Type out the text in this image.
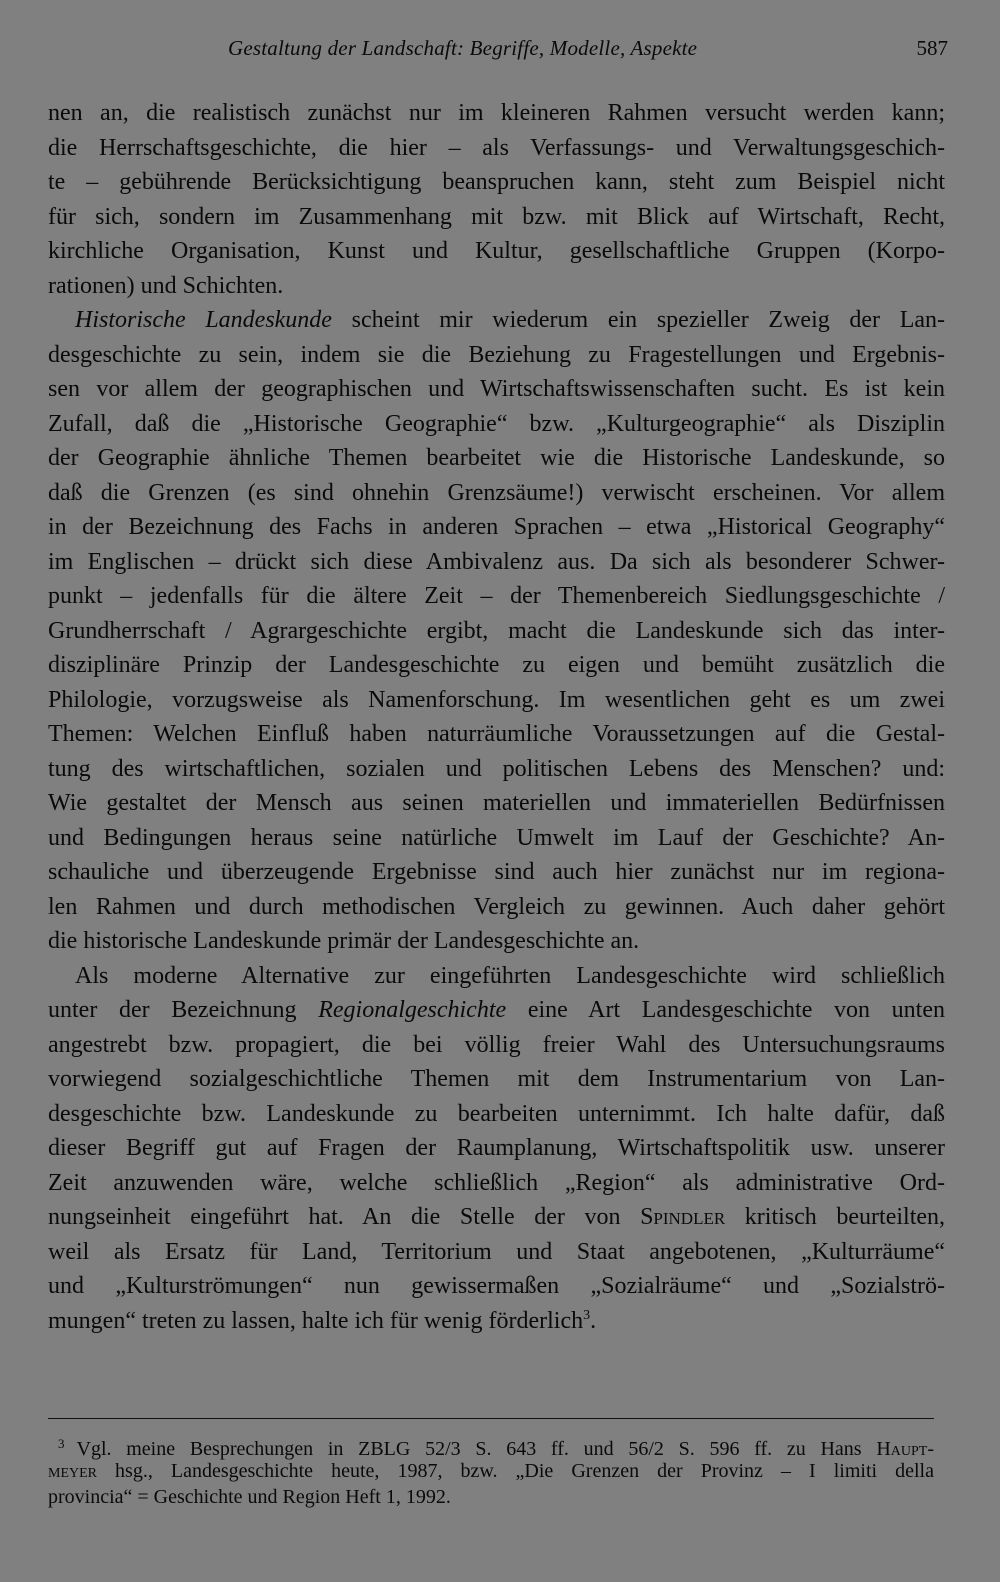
Gestaltung der Landschaft: Begriffe, Modelle, Aspekte	587
nen an, die realistisch zunächst nur im kleineren Rahmen versucht werden kann;
die Herrschaftsgeschichte, die hier – als Verfassungs- und Verwaltungsgeschich-
te – gebührende Berücksichtigung beanspruchen kann, steht zum Beispiel nicht
für sich, sondern im Zusammenhang mit bzw. mit Blick auf Wirtschaft, Recht,
kirchliche Organisation, Kunst und Kultur, gesellschaftliche Gruppen (Korpo-
rationen) und Schichten.
Historische Landeskunde scheint mir wiederum ein spezieller Zweig der Lan-
desgeschichte zu sein, indem sie die Beziehung zu Fragestellungen und Ergebnis-
sen vor allem der geographischen und Wirtschaftswissenschaften sucht. Es ist kein
Zufall, daß die „Historische Geographie“ bzw. „Kulturgeographie“ als Disziplin
der Geographie ähnliche Themen bearbeitet wie die Historische Landeskunde, so
daß die Grenzen (es sind ohnehin Grenzsäume!) verwischt erscheinen. Vor allem
in der Bezeichnung des Fachs in anderen Sprachen – etwa „Historical Geography“
im Englischen – drückt sich diese Ambivalenz aus. Da sich als besonderer Schwer-
punkt – jedenfalls für die ältere Zeit – der Themenbereich Siedlungsgeschichte /
Grundherrschaft / Agrargeschichte ergibt, macht die Landeskunde sich das inter-
disziplinäre Prinzip der Landesgeschichte zu eigen und bemüht zusätzlich die
Philologie, vorzugsweise als Namenforschung. Im wesentlichen geht es um zwei
Themen: Welchen Einfluß haben naturräumliche Voraussetzungen auf die Gestal-
tung des wirtschaftlichen, sozialen und politischen Lebens des Menschen? und:
Wie gestaltet der Mensch aus seinen materiellen und immateriellen Bedürfnissen
und Bedingungen heraus seine natürliche Umwelt im Lauf der Geschichte? An-
schauliche und überzeugende Ergebnisse sind auch hier zunächst nur im regiona-
len Rahmen und durch methodischen Vergleich zu gewinnen. Auch daher gehört
die historische Landeskunde primär der Landesgeschichte an.
Als moderne Alternative zur eingeführten Landesgeschichte wird schließlich
unter der Bezeichnung Regionalgeschichte eine Art Landesgeschichte von unten
angestrebt bzw. propagiert, die bei völlig freier Wahl des Untersuchungsraums
vorwiegend sozialgeschichtliche Themen mit dem Instrumentarium von Lan-
desgeschichte bzw. Landeskunde zu bearbeiten unternimmt. Ich halte dafür, daß
dieser Begriff gut auf Fragen der Raumplanung, Wirtschaftspolitik usw. unserer
Zeit anzuwenden wäre, welche schließlich „Region“ als administrative Ord-
nungseinheit eingeführt hat. An die Stelle der von Spindler kritisch beurteilten,
weil als Ersatz für Land, Territorium und Staat angebotenen, „Kulturräume“
und „Kulturströmungen“ nun gewissermaßen „Sozialräume“ und „Sozialströ-
mungen“ treten zu lassen, halte ich für wenig förderlich$^3$.
$^3$ Vgl. meine Besprechungen in ZBLG 52/3 S. 643 ff. und 56/2 S. 596 ff. zu Hans Haupt-
meyer hsg., Landesgeschichte heute, 1987, bzw. „Die Grenzen der Provinz – I limiti della
provincia“ = Geschichte und Region Heft 1, 1992.
